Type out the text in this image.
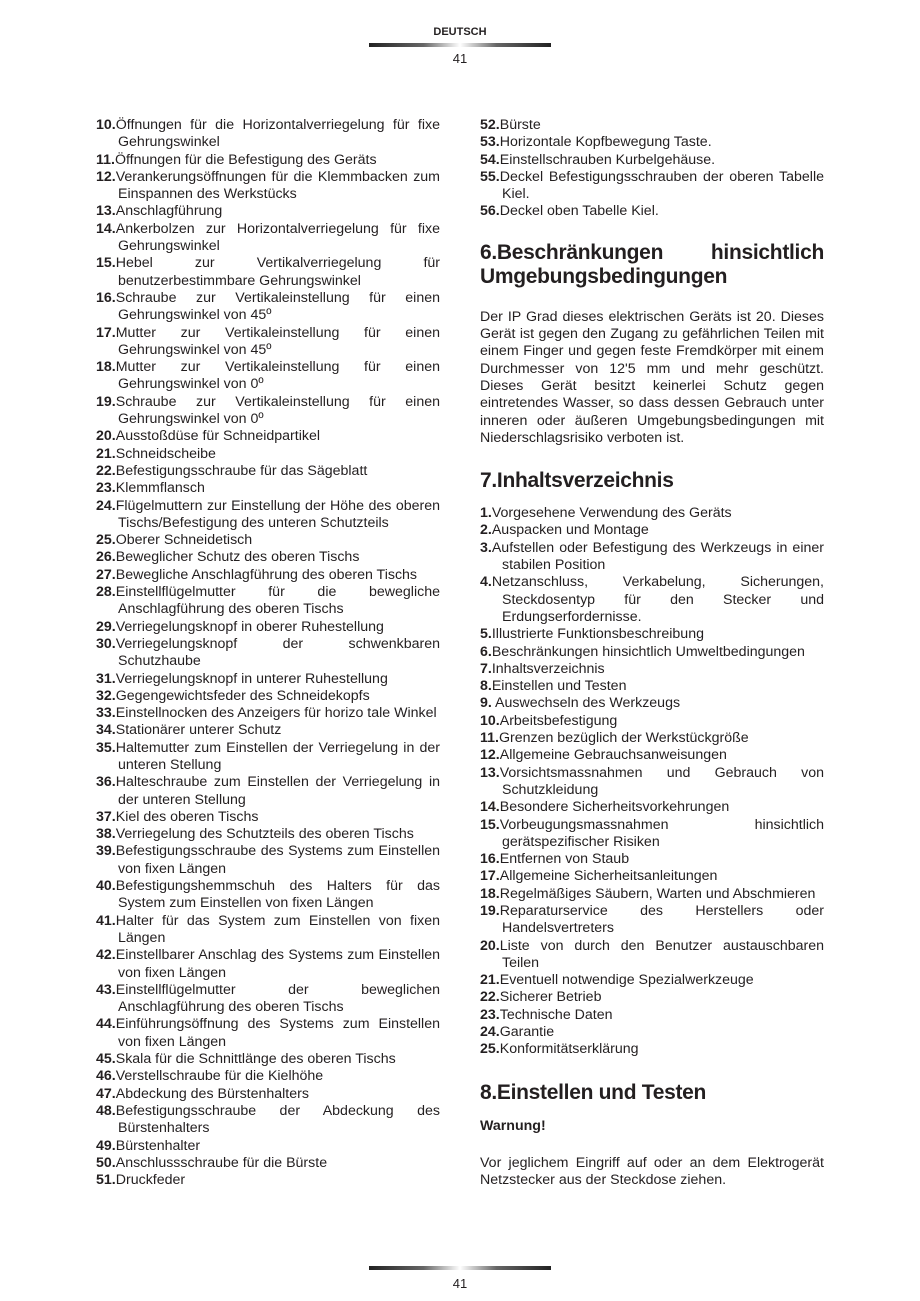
DEUTSCH
41
10.Öffnungen für die Horizontalverriegelung für fixe Gehrungswinkel
11.Öffnungen für die Befestigung des Geräts
12.Verankerungsöffnungen für die Klemmbacken zum Einspannen des Werkstücks
13.Anschlagführung
14.Ankerbolzen zur Horizontalverriegelung für fixe Gehrungswinkel
15.Hebel zur Vertikalverriegelung für benutzerbestimmbare Gehrungswinkel
16.Schraube zur Vertikaleinstellung für einen Gehrungswinkel von 45º
17.Mutter zur Vertikaleinstellung für einen Gehrungswinkel von 45º
18.Mutter zur Vertikaleinstellung für einen Gehrungswinkel von 0º
19.Schraube zur Vertikaleinstellung für einen Gehrungswinkel von 0º
20.Ausstoßdüse für Schneidpartikel
21.Schneidscheibe
22.Befestigungsschraube für das Sägeblatt
23.Klemmflansch
24.Flügelmuttern zur Einstellung der Höhe des oberen Tischs/Befestigung des unteren Schutzteils
25.Oberer Schneidetisch
26.Beweglicher Schutz des oberen Tischs
27.Bewegliche Anschlagführung des oberen Tischs
28.Einstellflügelmutter für die bewegliche Anschlagführung des oberen Tischs
29.Verriegelungsknopf in oberer Ruhestellung
30.Verriegelungsknopf der schwenkbaren Schutzhaube
31.Verriegelungsknopf in unterer Ruhestellung
32.Gegengewichtsfeder des Schneidekopfs
33.Einstellnocken des Anzeigers für horizo tale Winkel
34.Stationärer unterer Schutz
35.Haltemutter zum Einstellen der Verriegelung in der unteren Stellung
36.Halteschraube zum Einstellen der Verriegelung in der unteren Stellung
37.Kiel des oberen Tischs
38.Verriegelung des Schutzteils des oberen Tischs
39.Befestigungsschraube des Systems zum Einstellen von fixen Längen
40.Befestigungshemmschuh des Halters für das System zum Einstellen von fixen Längen
41.Halter für das System zum Einstellen von fixen Längen
42.Einstellbarer Anschlag des Systems zum Einstellen von fixen Längen
43.Einstellflügelmutter der beweglichen Anschlagführung des oberen Tischs
44.Einführungsöffnung des Systems zum Einstellen von fixen Längen
45.Skala für die Schnittlänge des oberen Tischs
46.Verstellschraube für die Kielhöhe
47.Abdeckung des Bürstenhalters
48.Befestigungsschraube der Abdeckung des Bürstenhalters
49.Bürstenhalter
50.Anschlussschraube für die Bürste
51.Druckfeder
52.Bürste
53.Horizontale Kopfbewegung Taste.
54.Einstellschrauben Kurbelgehäuse.
55.Deckel Befestigungsschrauben der oberen Tabelle Kiel.
56.Deckel oben Tabelle Kiel.
6.Beschränkungen hinsichtlich Umgebungsbedingungen

Der IP Grad dieses elektrischen Geräts ist 20. Dieses Gerät ist gegen den Zugang zu gefährlichen Teilen mit einem Finger und gegen feste Fremdkörper mit einem Durchmesser von 12'5 mm und mehr geschützt. Dieses Gerät besitzt keinerlei Schutz gegen eintretendes Wasser, so dass dessen Gebrauch unter inneren oder äußeren Umgebungsbedingungen mit Niederschlagsrisiko verboten ist.

7.Inhaltsverzeichnis
1.Vorgesehene Verwendung des Geräts
2.Auspacken und Montage
3.Aufstellen oder Befestigung des Werkzeugs in einer stabilen Position
4.Netzanschluss, Verkabelung, Sicherungen, Steckdosentyp für den Stecker und Erdungserfordernisse.
5.Illustrierte Funktionsbeschreibung
6.Beschränkungen hinsichtlich Umweltbedingungen
7.Inhaltsverzeichnis
8.Einstellen und Testen
9. Auswechseln des Werkzeugs
10.Arbeitsbefestigung
11.Grenzen bezüglich der Werkstückgröße
12.Allgemeine Gebrauchsanweisungen
13.Vorsichtsmassnahmen und Gebrauch von Schutzkleidung
14.Besondere Sicherheitsvorkehrungen
15.Vorbeugungsmassnahmen hinsichtlich gerätspezifischer Risiken
16.Entfernen von Staub
17.Allgemeine Sicherheitsanleitungen
18.Regelmäßiges Säubern, Warten und Abschmieren
19.Reparaturservice des Herstellers oder Handelsvertreters
20.Liste von durch den Benutzer austauschbaren Teilen
21.Eventuell notwendige Spezialwerkzeuge
22.Sicherer Betrieb
23.Technische Daten
24.Garantie
25.Konformitätserklärung
8.Einstellen und Testen

Warnung!

Vor jeglichem Eingriff auf oder an dem Elektrogerät Netzstecker aus der Steckdose ziehen.

41
